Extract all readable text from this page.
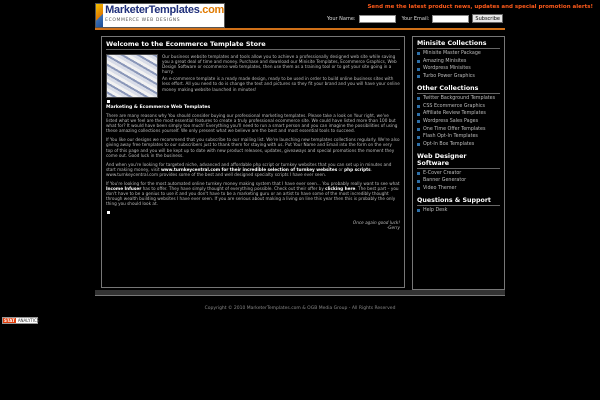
MarketerTemplates.com
ECOMMERCE WEB DESIGNS
Send me the latest product news, updates and special promotion alerts!
Your Name:	Your Email:	Subscribe
Welcome to the Ecommerce Template Store

Our business website templates and tools allow you to achieve a professionally designed web site while saving you a great deal of time and money. Purchase and download our Minisite Templates, Ecommerce Graphics, Web Design Software or ecommerce web templates, then use them as a training tool or to get your site going in a hurry.

An e-commerce template is a ready made design, ready to be used in order to build online business sites with less effort. All you need to do is change the text and pictures so they fit your brand and you will have your online money making website launched in minutes!

Marketing & Ecommerce Web Templates

There are many reasons why You should consider buying our professional marketing templates. Please take a look on Your right, we've listed what we feel are the most essential features to create a truly professional ecommerce site. We could have listed more than 100 but what for? It would have been simply too much! Everything you'll need to run a smart person and you can imagine the possibilities of using these amazing collections yourself. We only present what we believe are the best and most essential tools to succeed.

If You like our designs we recommend that you subscribe to our mailing list. We're launching new templates collections regularly. We're also giving away free templates to our subscribers just to thank them for staying with us. Put Your Name and Email into the form on the very top of this page and you will be kept up to date with new product releases, updates, giveaways and special promotions the moment they come out. Good luck in the business.

And when you're looking for targeted niche, advanced and affordable php script or turnkey websites that you can set up in minutes and start making money, visit www.turnkeycentral.com for their incredible selection of turnkey websites or php scripts. www.turnkeycentral.com provides some of the best and well designed specialty scripts I have ever seen.

If You're looking for the most automated online turnkey money making system that I have ever seen... You probably really want to see what Income Infuser has to offer. They have simply thought of everything possible. Check out their offer by clicking here. The best part – you don't have to be a genius to use it and you don't have to be a marketing guru or an artist to have some of the most incredibly thought through wealth building websites I have ever seen. If you are serious about making a living on line this year then this is probably the only thing you should look at.

Once again good luck!
-Gerry
Minisite Collections
Minisite Master Package
Amazing Minisites
Wordpress Minisites
Turbo Power Graphics
Other Collections
Twitter Background Templates
CSS Ecommerce Graphics
Affiliate Review Templates
Wordpress Sales Pages
One Time Offer Templates
Flash Opt-In Templates
Opt-In Box Templates
Web Designer Software
E-Cover Creator
Banner Generator
Video Themer
Questions & Support
Help Desk
Copyright © 2010 MarketerTemplates.com & OGB Media Group - All Rights Reserved
STAT ANALYTICS
